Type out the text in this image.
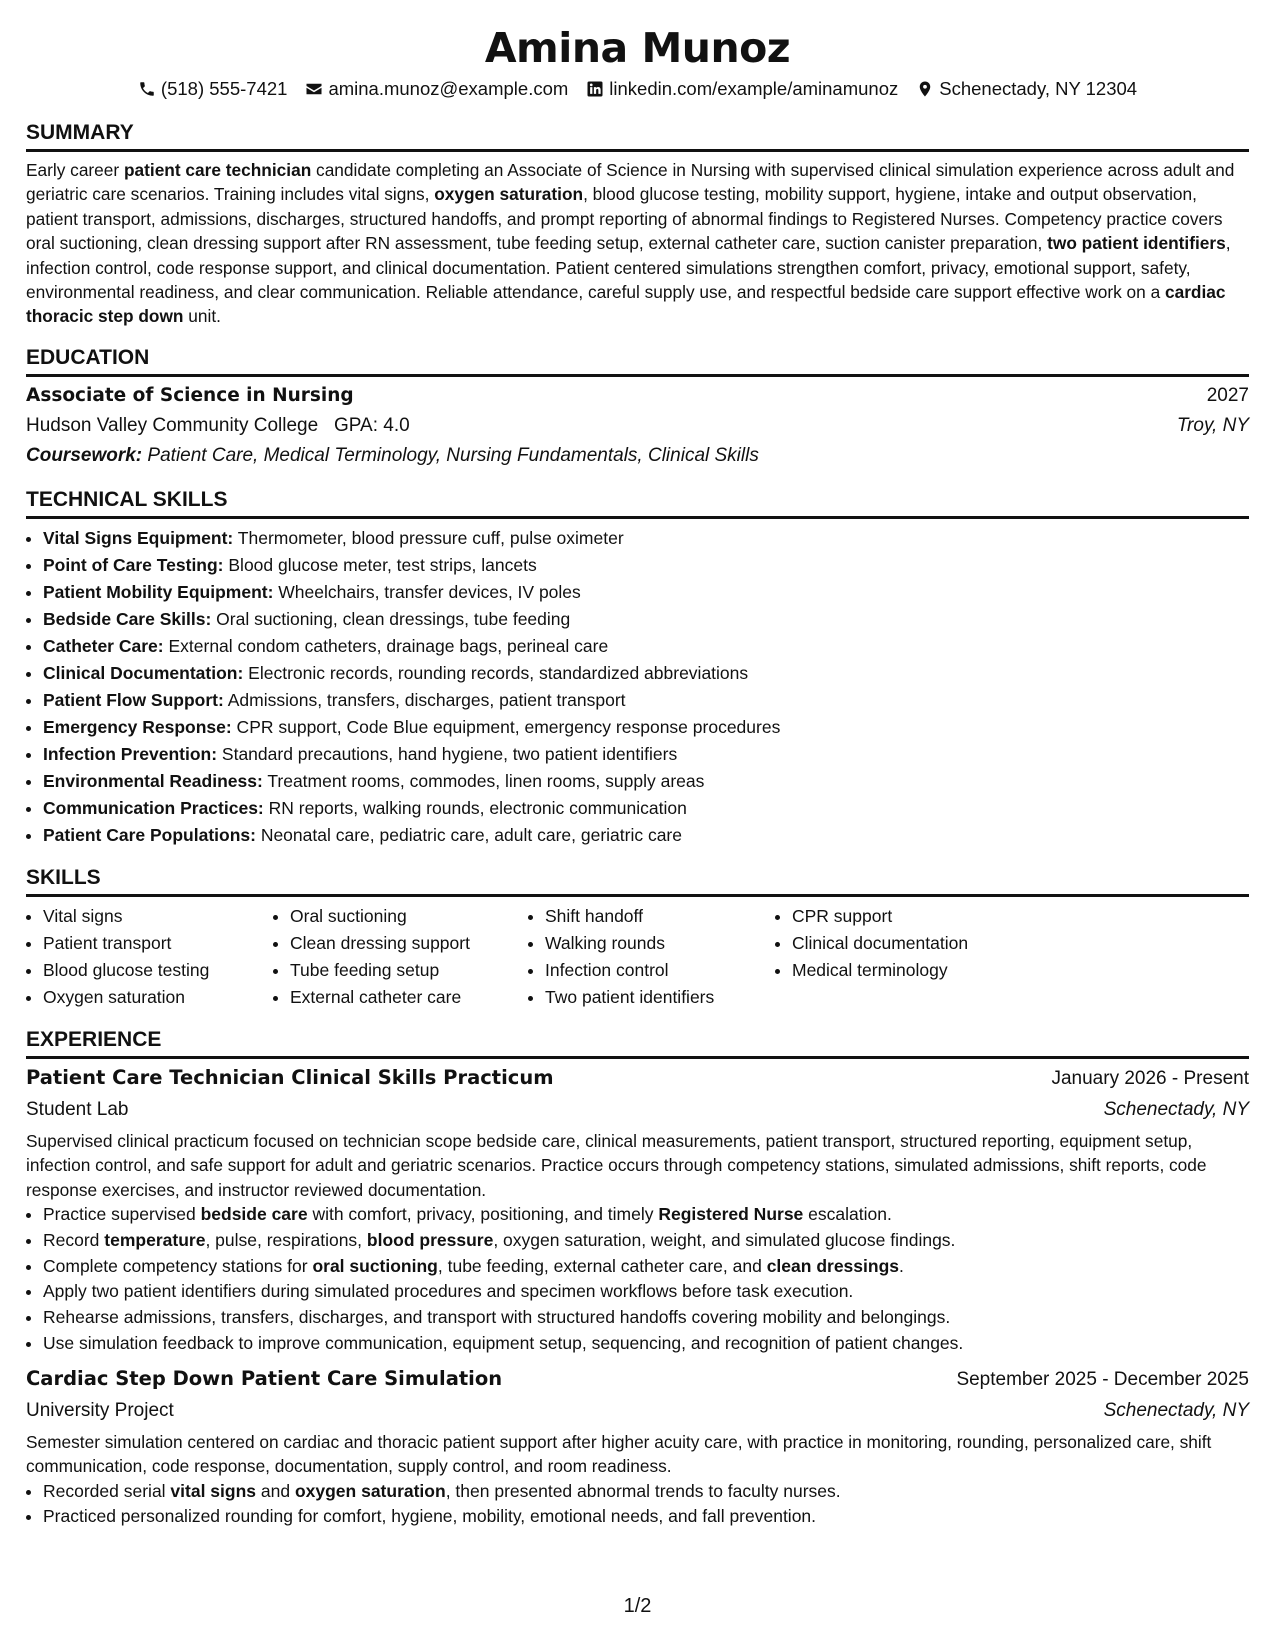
Amina Munoz
(518) 555-7421 amina.munoz@example.com linkedin.com/example/aminamunoz Schenectady, NY 12304
SUMMARY
Early career patient care technician candidate completing an Associate of Science in Nursing with supervised clinical simulation experience across adult and geriatric care scenarios. Training includes vital signs, oxygen saturation, blood glucose testing, mobility support, hygiene, intake and output observation, patient transport, admissions, discharges, structured handoffs, and prompt reporting of abnormal findings to Registered Nurses. Competency practice covers oral suctioning, clean dressing support after RN assessment, tube feeding setup, external catheter care, suction canister preparation, two patient identifiers, infection control, code response support, and clinical documentation. Patient centered simulations strengthen comfort, privacy, emotional support, safety, environmental readiness, and clear communication. Reliable attendance, careful supply use, and respectful bedside care support effective work on a cardiac thoracic step down unit.
EDUCATION
Associate of Science in Nursing	2027
Hudson Valley Community College GPA: 4.0	Troy, NY
Coursework: Patient Care, Medical Terminology, Nursing Fundamentals, Clinical Skills
TECHNICAL SKILLS
• Vital Signs Equipment: Thermometer, blood pressure cuff, pulse oximeter
• Point of Care Testing: Blood glucose meter, test strips, lancets
• Patient Mobility Equipment: Wheelchairs, transfer devices, IV poles
• Bedside Care Skills: Oral suctioning, clean dressings, tube feeding
• Catheter Care: External condom catheters, drainage bags, perineal care
• Clinical Documentation: Electronic records, rounding records, standardized abbreviations
• Patient Flow Support: Admissions, transfers, discharges, patient transport
• Emergency Response: CPR support, Code Blue equipment, emergency response procedures
• Infection Prevention: Standard precautions, hand hygiene, two patient identifiers
• Environmental Readiness: Treatment rooms, commodes, linen rooms, supply areas
• Communication Practices: RN reports, walking rounds, electronic communication
• Patient Care Populations: Neonatal care, pediatric care, adult care, geriatric care
SKILLS
• Vital signs
• Patient transport
• Blood glucose testing
• Oxygen saturation
• Oral suctioning
• Clean dressing support
• Tube feeding setup
• External catheter care
• Shift handoff
• Walking rounds
• Infection control
• Two patient identifiers
• CPR support
• Clinical documentation
• Medical terminology
EXPERIENCE
Patient Care Technician Clinical Skills Practicum	January 2026 - Present
Student Lab	Schenectady, NY
Supervised clinical practicum focused on technician scope bedside care, clinical measurements, patient transport, structured reporting, equipment setup, infection control, and safe support for adult and geriatric scenarios. Practice occurs through competency stations, simulated admissions, shift reports, code response exercises, and instructor reviewed documentation.
• Practice supervised bedside care with comfort, privacy, positioning, and timely Registered Nurse escalation.
• Record temperature, pulse, respirations, blood pressure, oxygen saturation, weight, and simulated glucose findings.
• Complete competency stations for oral suctioning, tube feeding, external catheter care, and clean dressings.
• Apply two patient identifiers during simulated procedures and specimen workflows before task execution.
• Rehearse admissions, transfers, discharges, and transport with structured handoffs covering mobility and belongings.
• Use simulation feedback to improve communication, equipment setup, sequencing, and recognition of patient changes.
Cardiac Step Down Patient Care Simulation	September 2025 - December 2025
University Project	Schenectady, NY
Semester simulation centered on cardiac and thoracic patient support after higher acuity care, with practice in monitoring, rounding, personalized care, shift communication, code response, documentation, supply control, and room readiness.
• Recorded serial vital signs and oxygen saturation, then presented abnormal trends to faculty nurses.
• Practiced personalized rounding for comfort, hygiene, mobility, emotional needs, and fall prevention.
1/2
